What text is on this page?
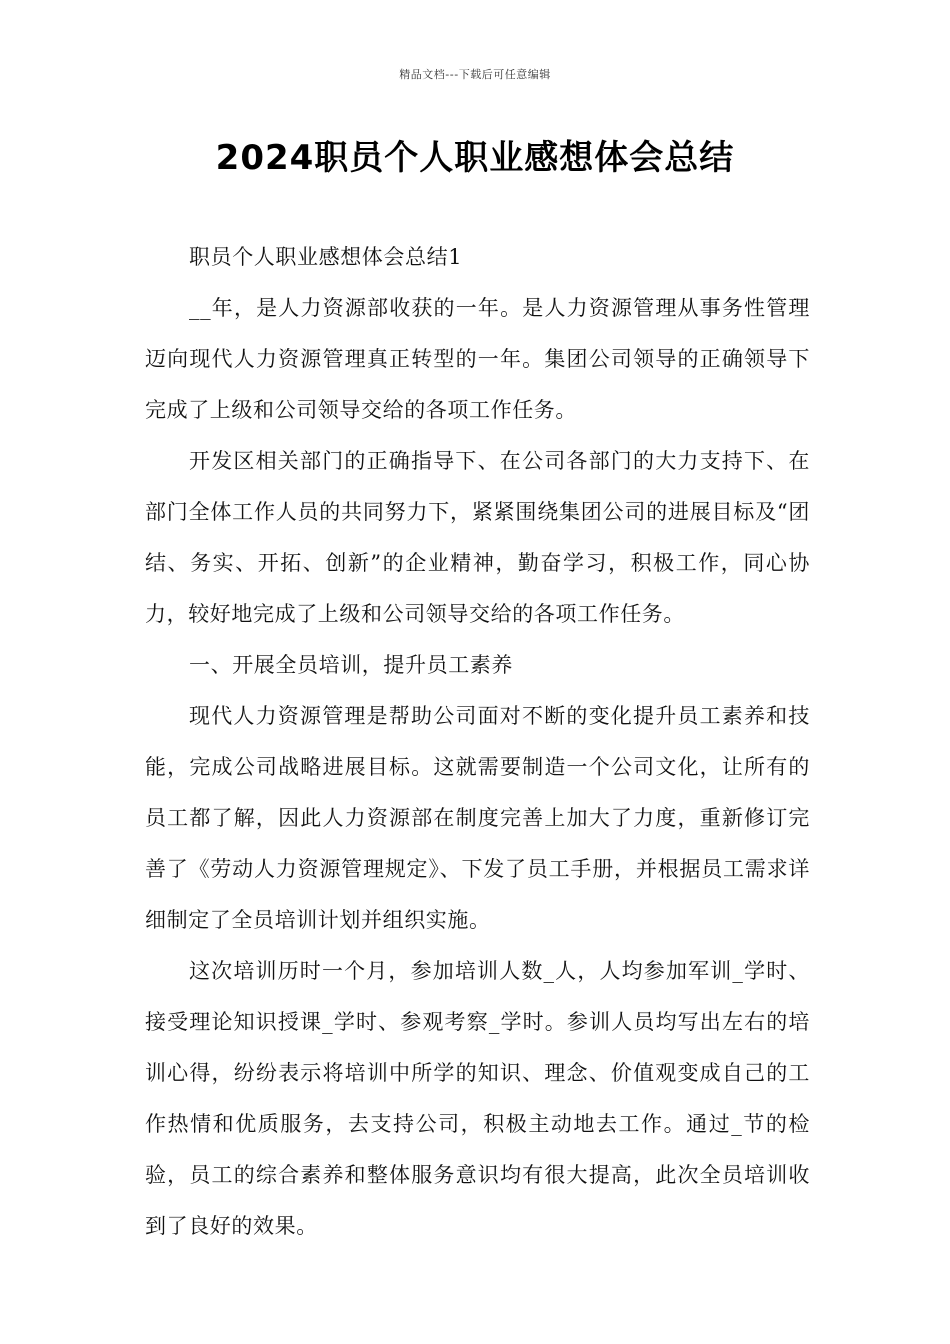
精品文档---下载后可任意编辑
2024职员个人职业感想体会总结

职员个人职业感想体会总结1

__年，是人力资源部收获的一年。是人力资源管理从事务性管理迈向现代人力资源管理真正转型的一年。集团公司领导的正确领导下完成了上级和公司领导交给的各项工作任务。

开发区相关部门的正确指导下、在公司各部门的大力支持下、在部门全体工作人员的共同努力下，紧紧围绕集团公司的进展目标及“团结、务实、开拓、创新”的企业精神，勤奋学习，积极工作，同心协力，较好地完成了上级和公司领导交给的各项工作任务。

一、开展全员培训，提升员工素养

现代人力资源管理是帮助公司面对不断的变化提升员工素养和技能，完成公司战略进展目标。这就需要制造一个公司文化，让所有的员工都了解，因此人力资源部在制度完善上加大了力度，重新修订完善了《劳动人力资源管理规定》、下发了员工手册，并根据员工需求详细制定了全员培训计划并组织实施。

这次培训历时一个月，参加培训人数_人，人均参加军训_学时、接受理论知识授课_学时、参观考察_学时。参训人员均写出左右的培训心得，纷纷表示将培训中所学的知识、理念、价值观变成自己的工作热情和优质服务，去支持公司，积极主动地去工作。通过_节的检验，员工的综合素养和整体服务意识均有很大提高，此次全员培训收到了良好的效果。
